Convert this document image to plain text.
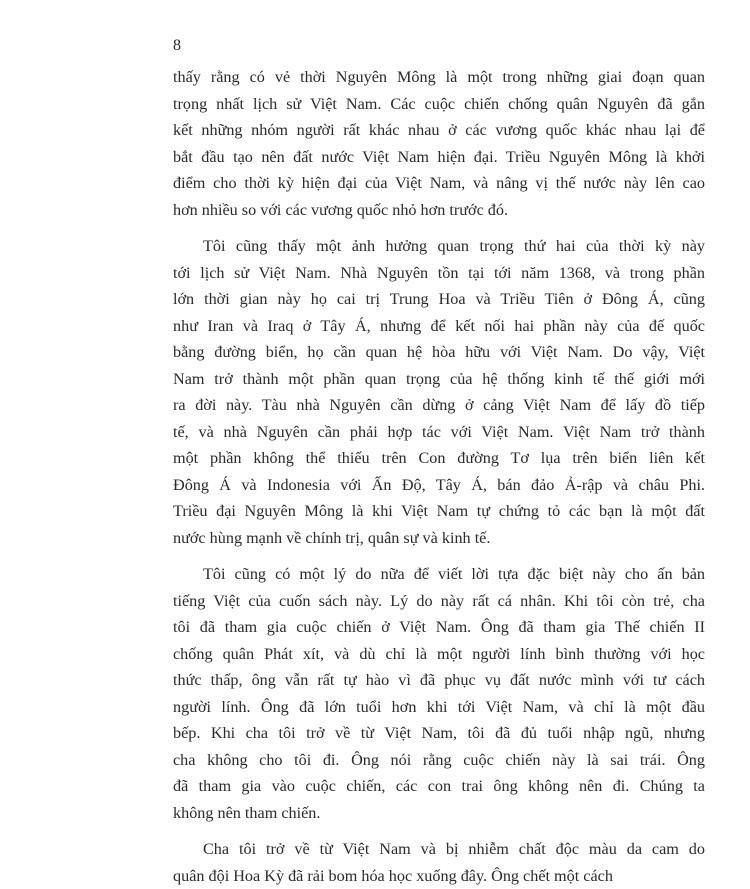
8

thấy rằng có vẻ thời Nguyên Mông là một trong những giai đoạn quan
trọng nhất lịch sử Việt Nam. Các cuộc chiến chống quân Nguyên đã gắn
kết những nhóm người rất khác nhau ở các vương quốc khác nhau lại để
bắt đầu tạo nên đất nước Việt Nam hiện đại. Triều Nguyên Mông là khởi
điểm cho thời kỳ hiện đại của Việt Nam, và nâng vị thế nước này lên cao
hơn nhiều so với các vương quốc nhỏ hơn trước đó.

Tôi cũng thấy một ảnh hưởng quan trọng thứ hai của thời kỳ này
tới lịch sử Việt Nam. Nhà Nguyên tồn tại tới năm 1368, và trong phần
lớn thời gian này họ cai trị Trung Hoa và Triều Tiên ở Đông Á, cũng
như Iran và Iraq ở Tây Á, nhưng để kết nối hai phần này của đế quốc
bằng đường biển, họ cần quan hệ hòa hữu với Việt Nam. Do vậy, Việt
Nam trở thành một phần quan trọng của hệ thống kinh tế thế giới mới
ra đời này. Tàu nhà Nguyên cần dừng ở cảng Việt Nam để lấy đồ tiếp
tế, và nhà Nguyên cần phải hợp tác với Việt Nam. Việt Nam trở thành
một phần không thể thiếu trên Con đường Tơ lụa trên biển liên kết
Đông Á và Indonesia với Ấn Độ, Tây Á, bán đảo Ả-rập và châu Phi.
Triều đại Nguyên Mông là khi Việt Nam tự chứng tỏ các bạn là một đất
nước hùng mạnh về chính trị, quân sự và kinh tế.

Tôi cũng có một lý do nữa để viết lời tựa đặc biệt này cho ấn bản
tiếng Việt của cuốn sách này. Lý do này rất cá nhân. Khi tôi còn trẻ, cha
tôi đã tham gia cuộc chiến ở Việt Nam. Ông đã tham gia Thế chiến II
chống quân Phát xít, và dù chỉ là một người lính bình thường với học
thức thấp, ông vẫn rất tự hào vì đã phục vụ đất nước mình với tư cách
người lính. Ông đã lớn tuổi hơn khi tới Việt Nam, và chỉ là một đầu
bếp. Khi cha tôi trở về từ Việt Nam, tôi đã đủ tuổi nhập ngũ, nhưng
cha không cho tôi đi. Ông nói rằng cuộc chiến này là sai trái. Ông
đã tham gia vào cuộc chiến, các con trai ông không nên đi. Chúng ta
không nên tham chiến.

Cha tôi trở về từ Việt Nam và bị nhiễm chất độc màu da cam do
quân đội Hoa Kỳ đã rải bom hóa học xuống đây. Ông chết một cách
